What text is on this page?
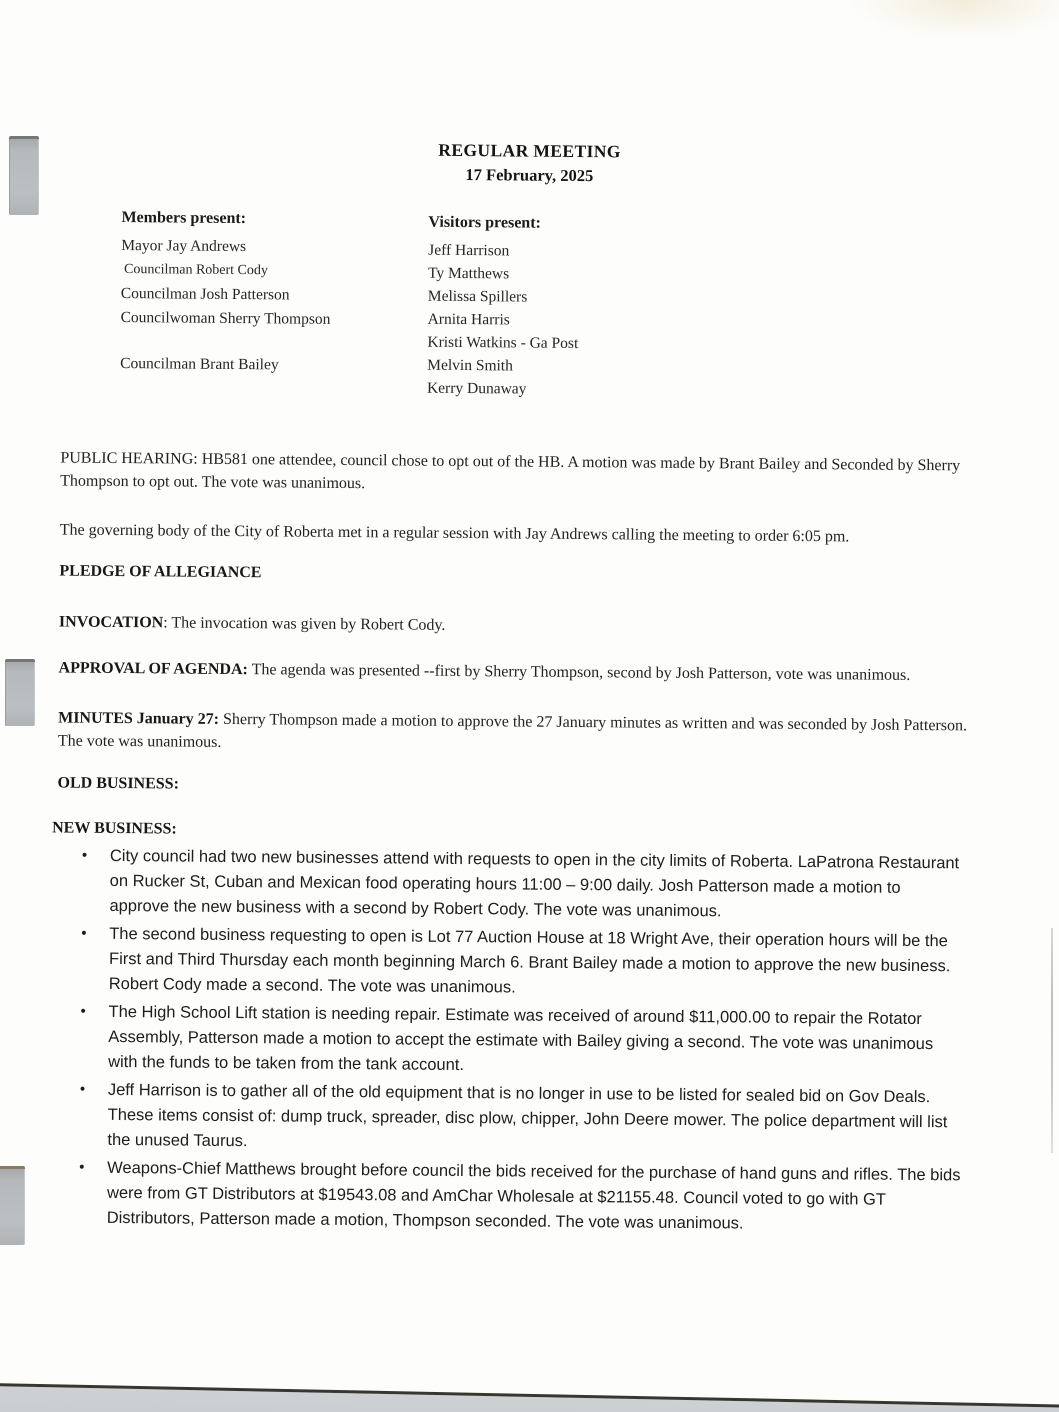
REGULAR MEETING
17 February, 2025

Members present:

Mayor Jay Andrews
Councilman Robert Cody
Councilman Josh Patterson
Councilwoman Sherry Thompson
Councilman Brant Bailey

Visitors present:

Jeff Harrison
Ty Matthews
Melissa Spillers
Arnita Harris
Kristi Watkins - Ga Post
Melvin Smith
Kerry Dunaway

PUBLIC HEARING: HB581 one attendee, council chose to opt out of the HB. A motion was made by Brant Bailey and Seconded by Sherry Thompson to opt out. The vote was unanimous.

The governing body of the City of Roberta met in a regular session with Jay Andrews calling the meeting to order 6:05 pm.

PLEDGE OF ALLEGIANCE

INVOCATION: The invocation was given by Robert Cody.

APPROVAL OF AGENDA: The agenda was presented --first by Sherry Thompson, second by Josh Patterson, vote was unanimous.

MINUTES January 27: Sherry Thompson made a motion to approve the 27 January minutes as written and was seconded by Josh Patterson. The vote was unanimous.

OLD BUSINESS:

NEW BUSINESS:

• City council had two new businesses attend with requests to open in the city limits of Roberta. LaPatrona Restaurant on Rucker St, Cuban and Mexican food operating hours 11:00 – 9:00 daily. Josh Patterson made a motion to approve the new business with a second by Robert Cody. The vote was unanimous.
• The second business requesting to open is Lot 77 Auction House at 18 Wright Ave, their operation hours will be the First and Third Thursday each month beginning March 6. Brant Bailey made a motion to approve the new business. Robert Cody made a second. The vote was unanimous.
• The High School Lift station is needing repair. Estimate was received of around $11,000.00 to repair the Rotator Assembly, Patterson made a motion to accept the estimate with Bailey giving a second. The vote was unanimous with the funds to be taken from the tank account.
• Jeff Harrison is to gather all of the old equipment that is no longer in use to be listed for sealed bid on Gov Deals. These items consist of: dump truck, spreader, disc plow, chipper, John Deere mower. The police department will list the unused Taurus.
• Weapons-Chief Matthews brought before council the bids received for the purchase of hand guns and rifles. The bids were from GT Distributors at $19543.08 and AmChar Wholesale at $21155.48. Council voted to go with GT Distributors, Patterson made a motion, Thompson seconded. The vote was unanimous.
